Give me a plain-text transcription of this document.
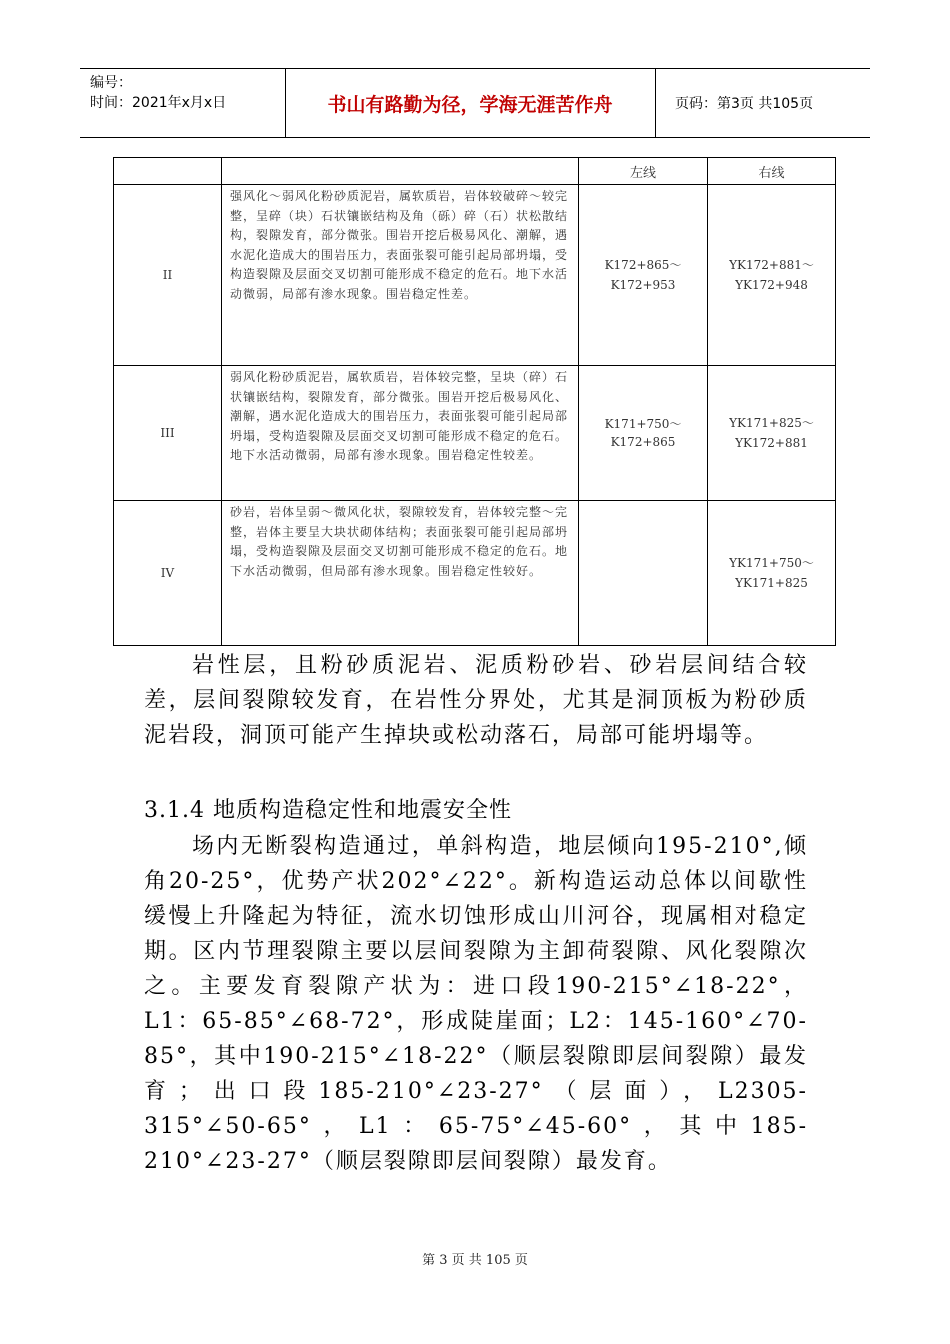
编号：
时间：2021年x月x日	书山有路勤为径，学海无涯苦作舟	页码：第3页 共105页
		左线	右线
II	强风化～弱风化粉砂质泥岩，属软质岩，岩体较破碎～较完整，呈碎（块）石状镶嵌结构及角（砾）碎（石）状松散结构，裂隙发育，部分微张。围岩开挖后极易风化、潮解，遇水泥化造成大的围岩压力，表面张裂可能引起局部坍塌，受构造裂隙及层面交叉切割可能形成不稳定的危石。地下水活动微弱，局部有渗水现象。围岩稳定性差。	K172+865～K172+953	YK172+881～YK172+948

III	弱风化粉砂质泥岩，属软质岩，岩体较完整，呈块（碎）石状镶嵌结构，裂隙发育，部分微张。围岩开挖后极易风化、潮解，遇水泥化造成大的围岩压力，表面张裂可能引起局部坍塌，受构造裂隙及层面交叉切割可能形成不稳定的危石。地下水活动微弱，局部有渗水现象。围岩稳定性较差。	K171+750～K172+865	YK171+825～YK172+881

IV	砂岩，岩体呈弱～微风化状，裂隙较发育，岩体较完整～完整，岩体主要呈大块状砌体结构；表面张裂可能引起局部坍塌，受构造裂隙及层面交叉切割可能形成不稳定的危石。地下水活动微弱，但局部有渗水现象。围岩稳定性较好。		YK171+750～YK171+825
岩性层，且粉砂质泥岩、泥质粉砂岩、砂岩层间结合较差，层间裂隙较发育，在岩性分界处，尤其是洞顶板为粉砂质泥岩段，洞顶可能产生掉块或松动落石，局部可能坍塌等。
3.1.4 地质构造稳定性和地震安全性
场内无断裂构造通过，单斜构造，地层倾向195-210°,倾角20-25°，优势产状202°∠22°。新构造运动总体以间歇性缓慢上升隆起为特征，流水切蚀形成山川河谷，现属相对稳定期。区内节理裂隙主要以层间裂隙为主卸荷裂隙、风化裂隙次之。主要发育裂隙产状为：进口段190-215°∠18-22°，L1：65-85°∠68-72°，形成陡崖面；L2：145-160°∠70-85°，其中190-215°∠18-22°（顺层裂隙即层间裂隙）最发育；出口段185-210°∠23-27°（层面），L2305-315°∠50-65°，L1：65-75°∠45-60°，其中185-210°∠23-27°（顺层裂隙即层间裂隙）最发育。
第 3 页 共 105 页
